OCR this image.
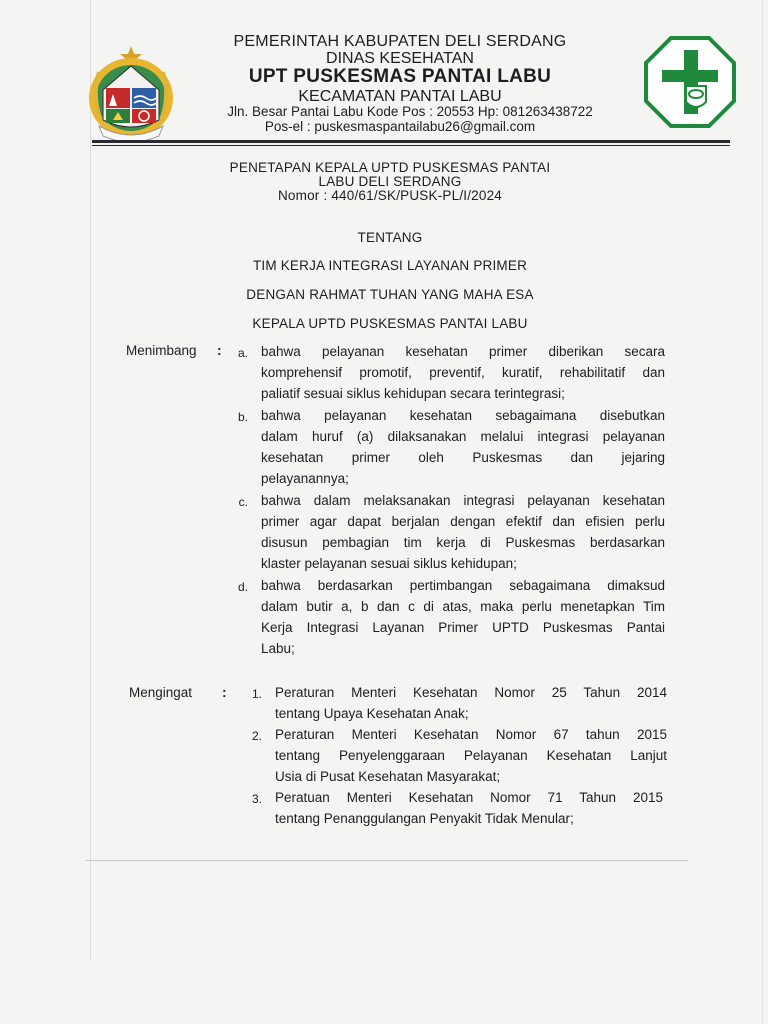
PEMERINTAH KABUPATEN DELI SERDANG
DINAS KESEHATAN
UPT PUSKESMAS PANTAI LABU
KECAMATAN PANTAI LABU
Jln. Besar Pantai Labu Kode Pos : 20553 Hp: 081263438722
Pos-el : puskesmaspantailabu26@gmail.com
PENETAPAN KEPALA UPTD PUSKESMAS PANTAI
LABU DELI SERDANG
Nomor : 440/61/SK/PUSK-PL/I/2024
TENTANG
TIM KERJA INTEGRASI LAYANAN PRIMER
DENGAN RAHMAT TUHAN YANG MAHA ESA
KEPALA UPTD PUSKESMAS PANTAI LABU
Menimbang :	a. bahwa pelayanan kesehatan primer diberikan secara
komprehensif promotif, preventif, kuratif, rehabilitatif dan
paliatif sesuai siklus kehidupan secara terintegrasi;
b. bahwa pelayanan kesehatan sebagaimana disebutkan
dalam huruf (a) dilaksanakan melalui integrasi pelayanan
kesehatan primer oleh Puskesmas dan jejaring
pelayanannya;
c. bahwa dalam melaksanakan integrasi pelayanan kesehatan
primer agar dapat berjalan dengan efektif dan efisien perlu
disusun pembagian tim kerja di Puskesmas berdasarkan
klaster pelayanan sesuai siklus kehidupan;
d. bahwa berdasarkan pertimbangan sebagaimana dimaksud
dalam butir a, b dan c di atas, maka perlu menetapkan Tim
Kerja Integrasi Layanan Primer UPTD Puskesmas Pantai
Labu;
Mengingat :	1. Peraturan Menteri Kesehatan Nomor 25 Tahun 2014
tentang Upaya Kesehatan Anak;
2. Peraturan Menteri Kesehatan Nomor 67 tahun 2015
tentang Penyelenggaraan Pelayanan Kesehatan Lanjut
Usia di Pusat Kesehatan Masyarakat;
3. Peratuan Menteri Kesehatan Nomor 71 Tahun 2015
tentang Penanggulangan Penyakit Tidak Menular;
